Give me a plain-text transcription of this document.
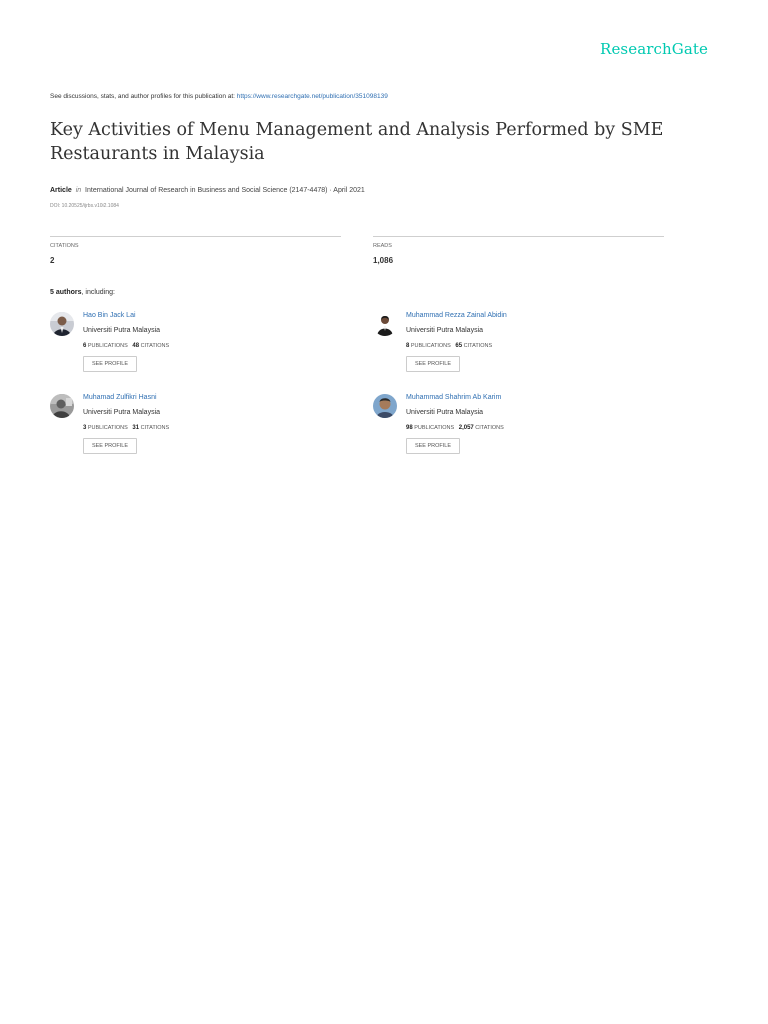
ResearchGate
See discussions, stats, and author profiles for this publication at: https://www.researchgate.net/publication/351098139
Key Activities of Menu Management and Analysis Performed by SME
Restaurants in Malaysia
Article in International Journal of Research in Business and Social Science (2147-4478) · April 2021
DOI: 10.20525/ijrbs.v10i2.1084
CITATIONS
2
READS
1,086
5 authors, including:
Hao Bin Jack Lai
Universiti Putra Malaysia
6 PUBLICATIONS 48 CITATIONS
SEE PROFILE
Muhammad Rezza Zainal Abidin
Universiti Putra Malaysia
8 PUBLICATIONS 65 CITATIONS
SEE PROFILE
Muhamad Zulfikri Hasni
Universiti Putra Malaysia
3 PUBLICATIONS 31 CITATIONS
SEE PROFILE
Muhammad Shahrim Ab Karim
Universiti Putra Malaysia
98 PUBLICATIONS 2,057 CITATIONS
SEE PROFILE
